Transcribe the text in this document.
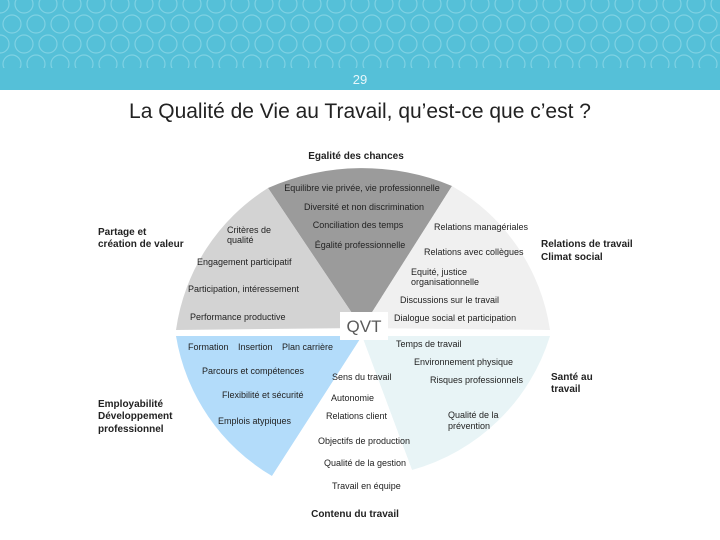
29
La Qualité de Vie au Travail, qu’est-ce que c’est ?
QVT
Egalité des chances
Partage et
création de valeur	Relations de travail
Climat social
Santé au
travail
Employabilité
Développement
professionnel
Contenu du travail
Equilibre vie privée, vie professionnelle
Diversité et non discrimination
Conciliation des temps
Égalité professionnelle
Critères de
qualité
Engagement participatif
Participation, intéressement
Performance productive
Relations managériales
Relations avec collègues
Equité, justice
organisationnelle
Discussions sur le travail
Dialogue social et participation
Temps de travail
Environnement physique
Risques professionnels
Qualité de la
prévention
Formation Insertion Plan carrière
Parcours et compétences
Flexibilité et sécurité
Emplois atypiques
Sens du travail
Autonomie
Relations client
Objectifs de production
Qualité de la gestion
Travail en équipe
